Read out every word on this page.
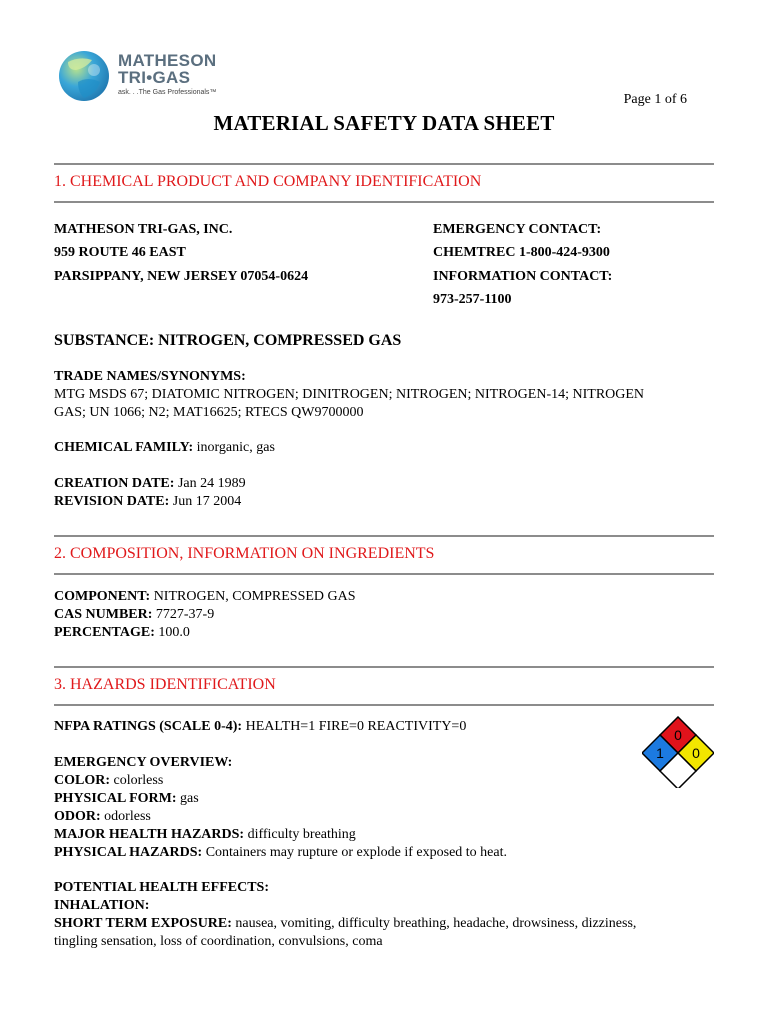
MATHESON
TRI•GAS
ask. . .The Gas Professionals™	Page 1 of 6
MATERIAL SAFETY DATA SHEET
1. CHEMICAL PRODUCT AND COMPANY IDENTIFICATION
MATHESON TRI-GAS, INC.
959 ROUTE 46 EAST
PARSIPPANY, NEW JERSEY 07054-0624
EMERGENCY CONTACT:
CHEMTREC 1-800-424-9300
INFORMATION CONTACT:
973-257-1100
SUBSTANCE: NITROGEN, COMPRESSED GAS
TRADE NAMES/SYNONYMS:
MTG MSDS 67; DIATOMIC NITROGEN; DINITROGEN; NITROGEN; NITROGEN-14; NITROGEN
GAS; UN 1066; N2; MAT16625; RTECS QW9700000
CHEMICAL FAMILY: inorganic, gas
CREATION DATE: Jan 24 1989
REVISION DATE: Jun 17 2004
2. COMPOSITION, INFORMATION ON INGREDIENTS
COMPONENT: NITROGEN, COMPRESSED GAS
CAS NUMBER: 7727-37-9
PERCENTAGE: 100.0
3. HAZARDS IDENTIFICATION
NFPA RATINGS (SCALE 0-4): HEALTH=1 FIRE=0 REACTIVITY=0
0
1 0
EMERGENCY OVERVIEW:
COLOR: colorless
PHYSICAL FORM: gas
ODOR: odorless
MAJOR HEALTH HAZARDS: difficulty breathing
PHYSICAL HAZARDS: Containers may rupture or explode if exposed to heat.
POTENTIAL HEALTH EFFECTS:
INHALATION:
SHORT TERM EXPOSURE: nausea, vomiting, difficulty breathing, headache, drowsiness, dizziness,
tingling sensation, loss of coordination, convulsions, coma
